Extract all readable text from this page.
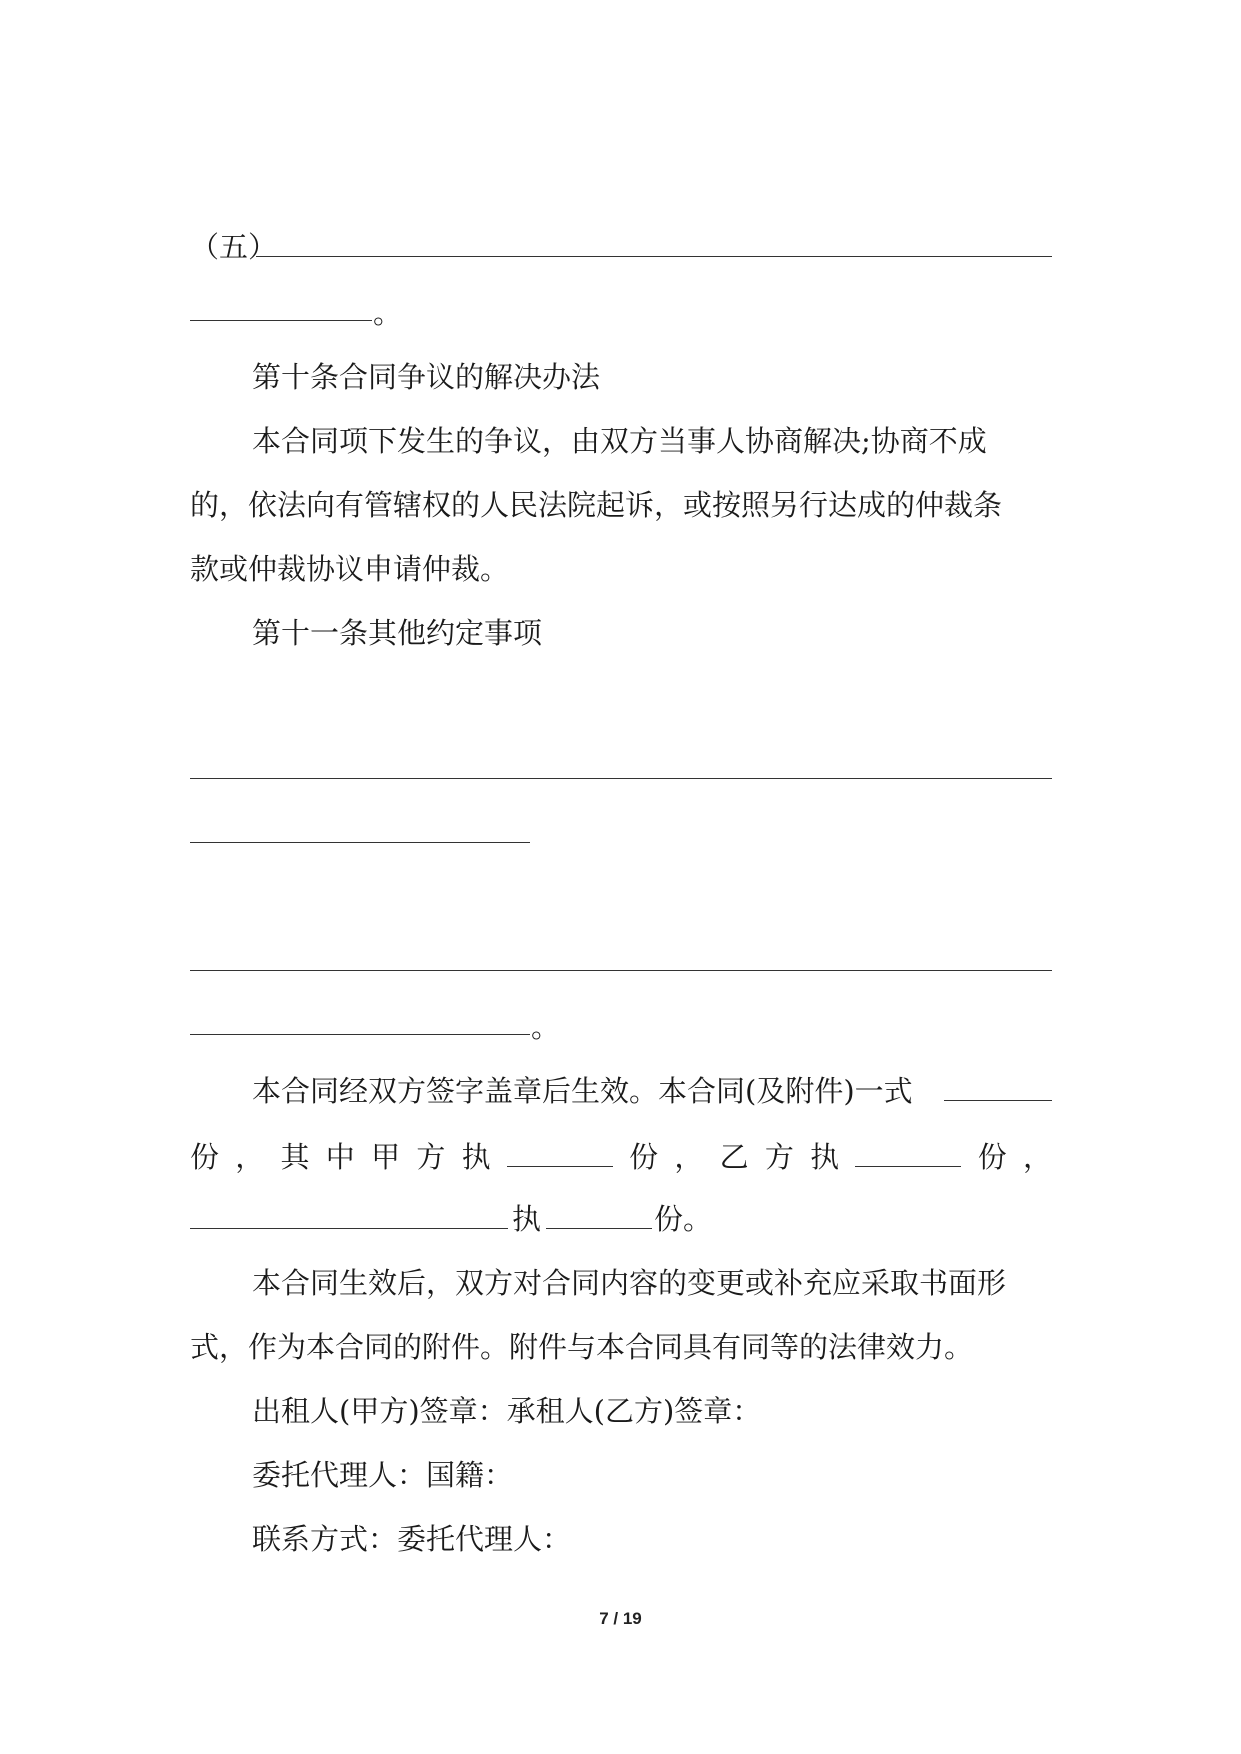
（五）
。
第十条合同争议的解决办法
本合同项下发生的争议，由双方当事人协商解决;协商不成
的，依法向有管辖权的人民法院起诉，或按照另行达成的仲裁条
款或仲裁协议申请仲裁。
第十一条其他约定事项
。
本合同经双方签字盖章后生效。本合同(及附件)一式
份 ， 其 中 甲 方 执	份 ， 乙 方 执	份 ，
执	份。
本合同生效后，双方对合同内容的变更或补充应采取书面形
式，作为本合同的附件。附件与本合同具有同等的法律效力。
出租人(甲方)签章：承租人(乙方)签章：
委托代理人：国籍：
联系方式：委托代理人：
7 / 19
